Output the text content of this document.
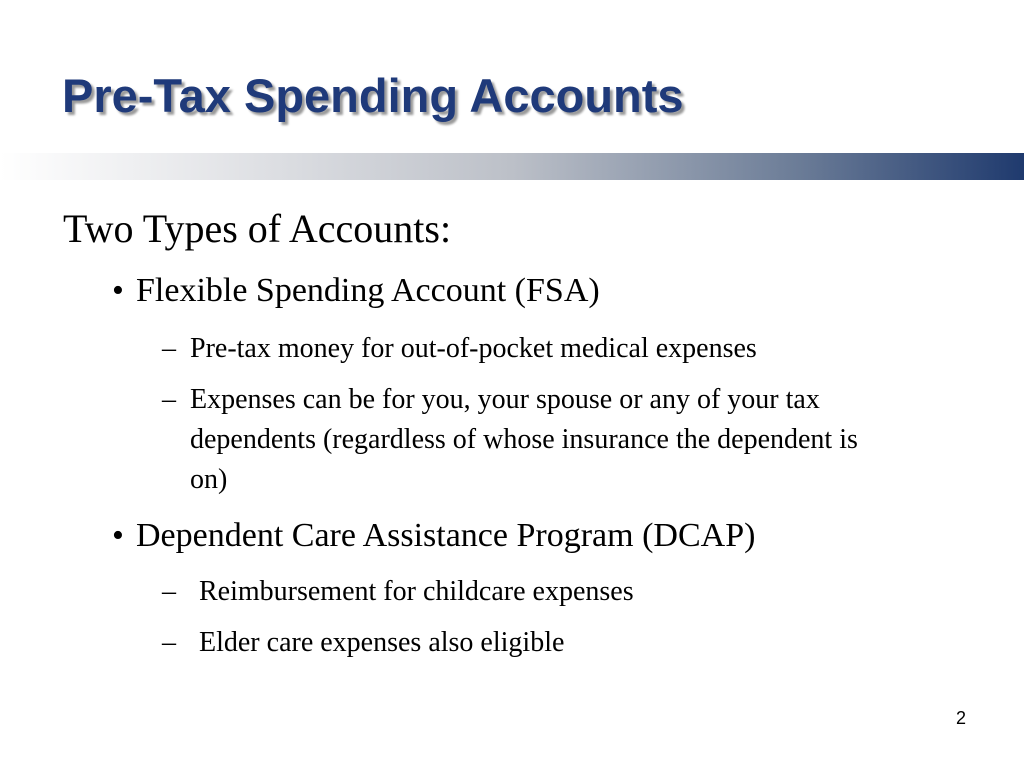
Pre-Tax Spending Accounts

Two Types of Accounts:

• Flexible Spending Account (FSA)
– Pre-tax money for out-of-pocket medical expenses
– Expenses can be for you, your spouse or any of your tax dependents (regardless of whose insurance the dependent is on)
• Dependent Care Assistance Program (DCAP)
– Reimbursement for childcare expenses
– Elder care expenses also eligible
2
